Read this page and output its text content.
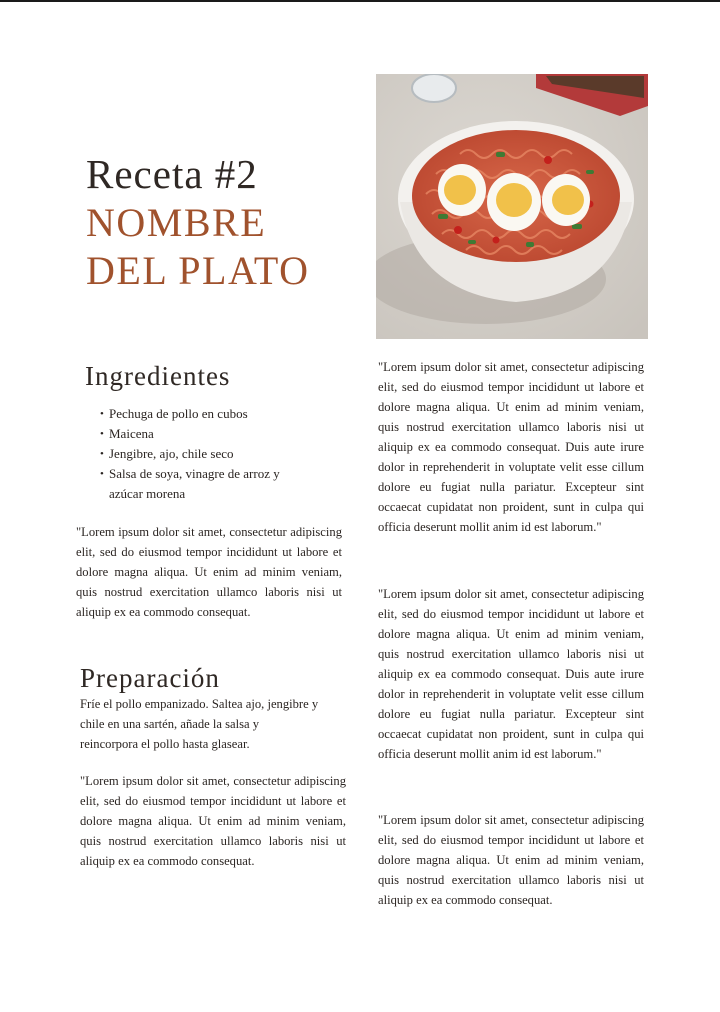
Receta #2
NOMBRE
DEL PLATO
Ingredientes
• Pechuga de pollo en cubos
• Maicena
• Jengibre, ajo, chile seco
• Salsa de soya, vinagre de arroz y azúcar morena

"Lorem ipsum dolor sit amet, consectetur adipiscing elit, sed do eiusmod tempor incididunt ut labore et dolore magna aliqua. Ut enim ad minim veniam, quis nostrud exercitation ullamco laboris nisi ut aliquip ex ea commodo consequat.

Preparación

Fríe el pollo empanizado. Saltea ajo, jengibre y chile en una sartén, añade la salsa y reincorpora el pollo hasta glasear.

"Lorem ipsum dolor sit amet, consectetur adipiscing elit, sed do eiusmod tempor incididunt ut labore et dolore magna aliqua. Ut enim ad minim veniam, quis nostrud exercitation ullamco laboris nisi ut aliquip ex ea commodo consequat.

"Lorem ipsum dolor sit amet, consectetur adipiscing elit, sed do eiusmod tempor incididunt ut labore et dolore magna aliqua. Ut enim ad minim veniam, quis nostrud exercitation ullamco laboris nisi ut aliquip ex ea commodo consequat. Duis aute irure dolor in reprehenderit in voluptate velit esse cillum dolore eu fugiat nulla pariatur. Excepteur sint occaecat cupidatat non proident, sunt in culpa qui officia deserunt mollit anim id est laborum."

"Lorem ipsum dolor sit amet, consectetur adipiscing elit, sed do eiusmod tempor incididunt ut labore et dolore magna aliqua. Ut enim ad minim veniam, quis nostrud exercitation ullamco laboris nisi ut aliquip ex ea commodo consequat. Duis aute irure dolor in reprehenderit in voluptate velit esse cillum dolore eu fugiat nulla pariatur. Excepteur sint occaecat cupidatat non proident, sunt in culpa qui officia deserunt mollit anim id est laborum."

"Lorem ipsum dolor sit amet, consectetur adipiscing elit, sed do eiusmod tempor incididunt ut labore et dolore magna aliqua. Ut enim ad minim veniam, quis nostrud exercitation ullamco laboris nisi ut aliquip ex ea commodo consequat.
